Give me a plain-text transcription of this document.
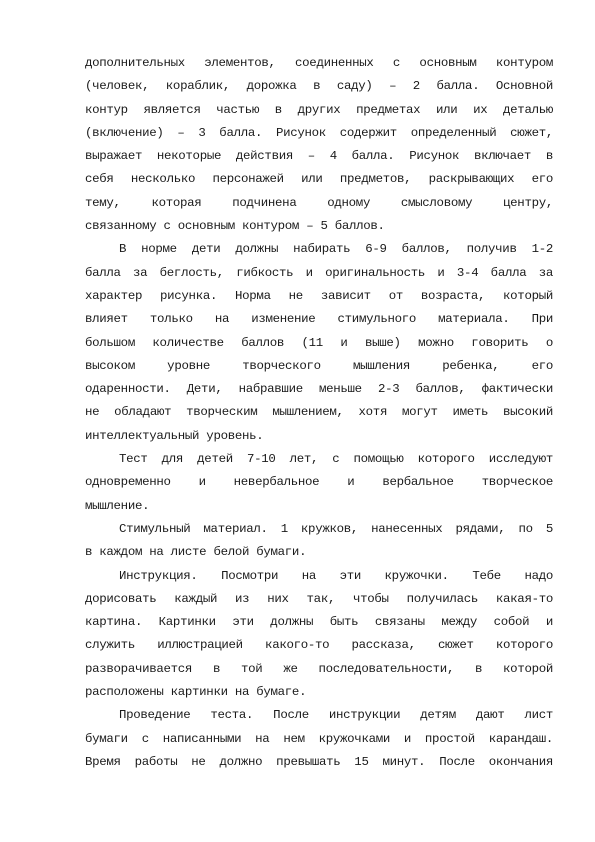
дополнительных элементов, соединенных с основным контуром
(человек, кораблик, дорожка в саду) – 2 балла. Основной
контур является частью в других предметах или их деталью
(включение) – 3 балла. Рисунок содержит определенный сюжет,
выражает некоторые действия – 4 балла. Рисунок включает в
себя несколько персонажей или предметов, раскрывающих его
тему, которая подчинена одному смысловому центру,
связанному с основным контуром – 5 баллов.

В норме дети должны набирать 6-9 баллов, получив 1-2
балла за беглость, гибкость и оригинальность и 3-4 балла за
характер рисунка. Норма не зависит от возраста, который
влияет только на изменение стимульного материала. При
большом количестве баллов (11 и выше) можно говорить о
высоком уровне творческого мышления ребенка, его
одаренности. Дети, набравшие меньше 2-3 баллов, фактически
не обладают творческим мышлением, хотя могут иметь высокий
интеллектуальный уровень.

Тест для детей 7-10 лет, с помощью которого исследуют
одновременно и невербальное и вербальное творческое
мышление.

Стимульный материал. 1 кружков, нанесенных рядами, по 5
в каждом на листе белой бумаги.

Инструкция. Посмотри на эти кружочки. Тебе надо
дорисовать каждый из них так, чтобы получилась какая-то
картина. Картинки эти должны быть связаны между собой и
служить иллюстрацией какого-то рассказа, сюжет которого
разворачивается в той же последовательности, в которой
расположены картинки на бумаге.

Проведение теста. После инструкции детям дают лист
бумаги с написанными на нем кружочками и простой карандаш.
Время работы не должно превышать 15 минут. После окончания
